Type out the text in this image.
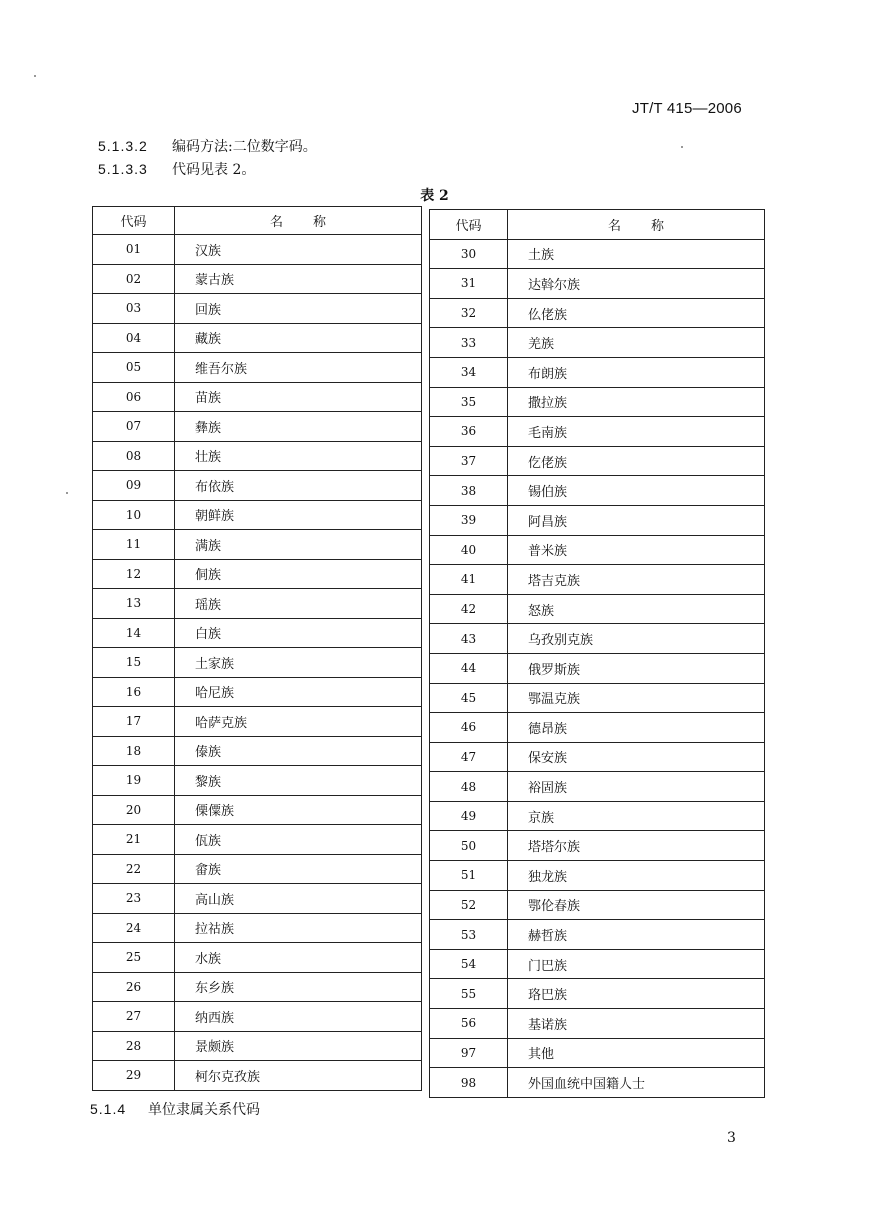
JT/T 415—2006
5.1.3.2 编码方法:二位数字码。
5.1.3.3 代码见表 2。
表 2
代码	名称
01	汉族
02	蒙古族
03	回族
04	藏族
05	维吾尔族
06	苗族
07	彝族
08	壮族
09	布依族
10	朝鲜族
11	满族
12	侗族
13	瑶族
14	白族
15	土家族
16	哈尼族
17	哈萨克族
18	傣族
19	黎族
20	傈僳族
21	佤族
22	畲族
23	高山族
24	拉祜族
25	水族
26	东乡族
27	纳西族
28	景颇族
29	柯尔克孜族
代码	名称
30	土族
31	达斡尔族
32	仫佬族
33	羌族
34	布朗族
35	撒拉族
36	毛南族
37	仡佬族
38	锡伯族
39	阿昌族
40	普米族
41	塔吉克族
42	怒族
43	乌孜别克族
44	俄罗斯族
45	鄂温克族
46	德昂族
47	保安族
48	裕固族
49	京族
50	塔塔尔族
51	独龙族
52	鄂伦春族
53	赫哲族
54	门巴族
55	珞巴族
56	基诺族
97	其他
98	外国血统中国籍人士
5.1.4 单位隶属关系代码
3
